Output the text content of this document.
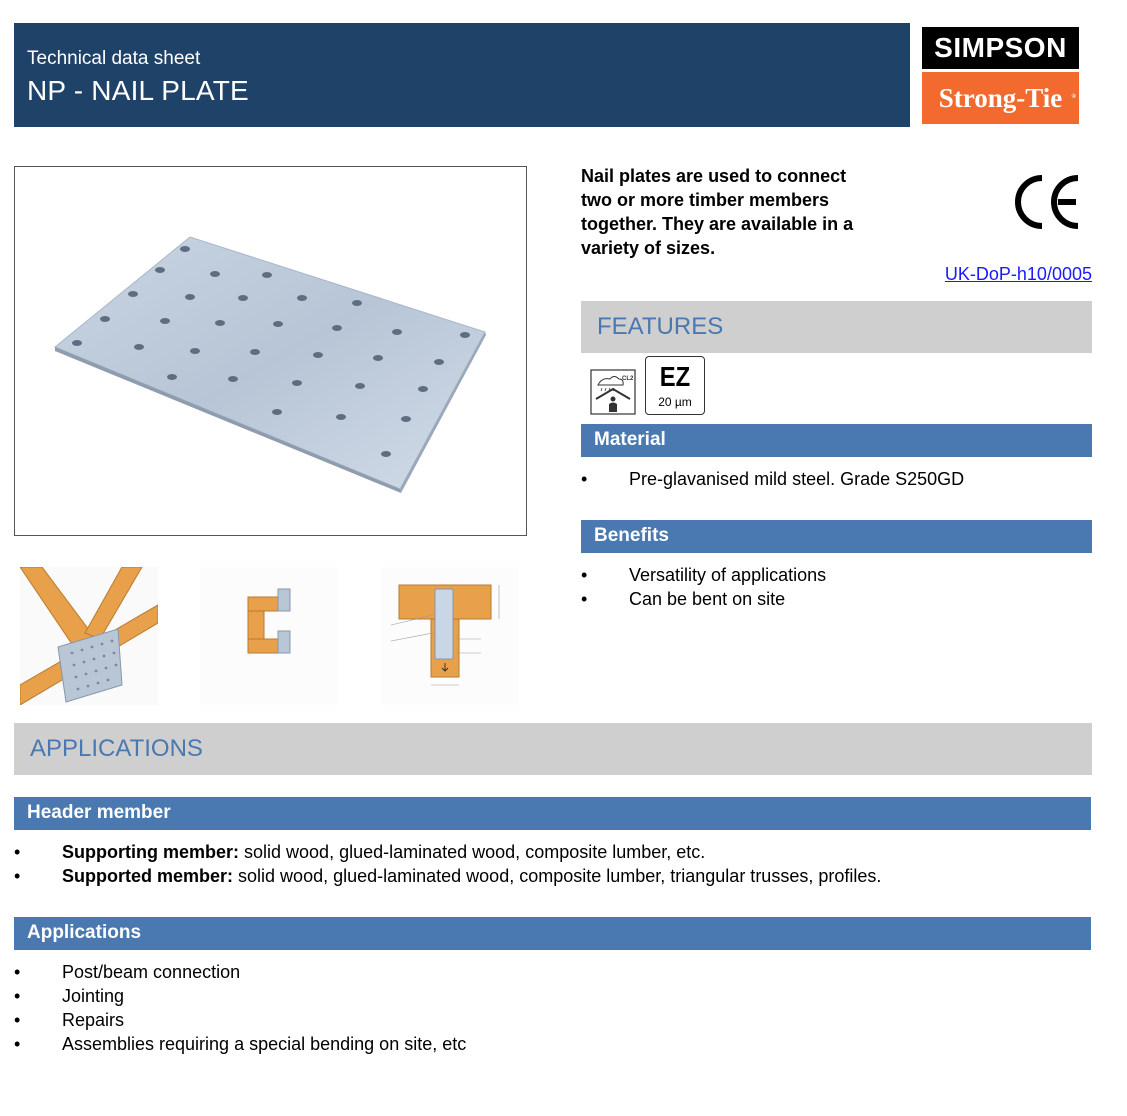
Technical data sheet
NP - NAIL PLATE
SIMPSON
Strong-Tie ®
Nail plates are used to connect two or more timber members together. They are available in a variety of sizes.
UK-DoP-h10/0005
FEATURES
CL2 EZ
20 µm
Material
• Pre-glavanised mild steel. Grade S250GD
Benefits
• Versatility of applications
• Can be bent on site
APPLICATIONS
Header member
• Supporting member: solid wood, glued-laminated wood, composite lumber, etc.
• Supported member: solid wood, glued-laminated wood, composite lumber, triangular trusses, profiles.
Applications
• Post/beam connection
• Jointing
• Repairs
• Assemblies requiring a special bending on site, etc
